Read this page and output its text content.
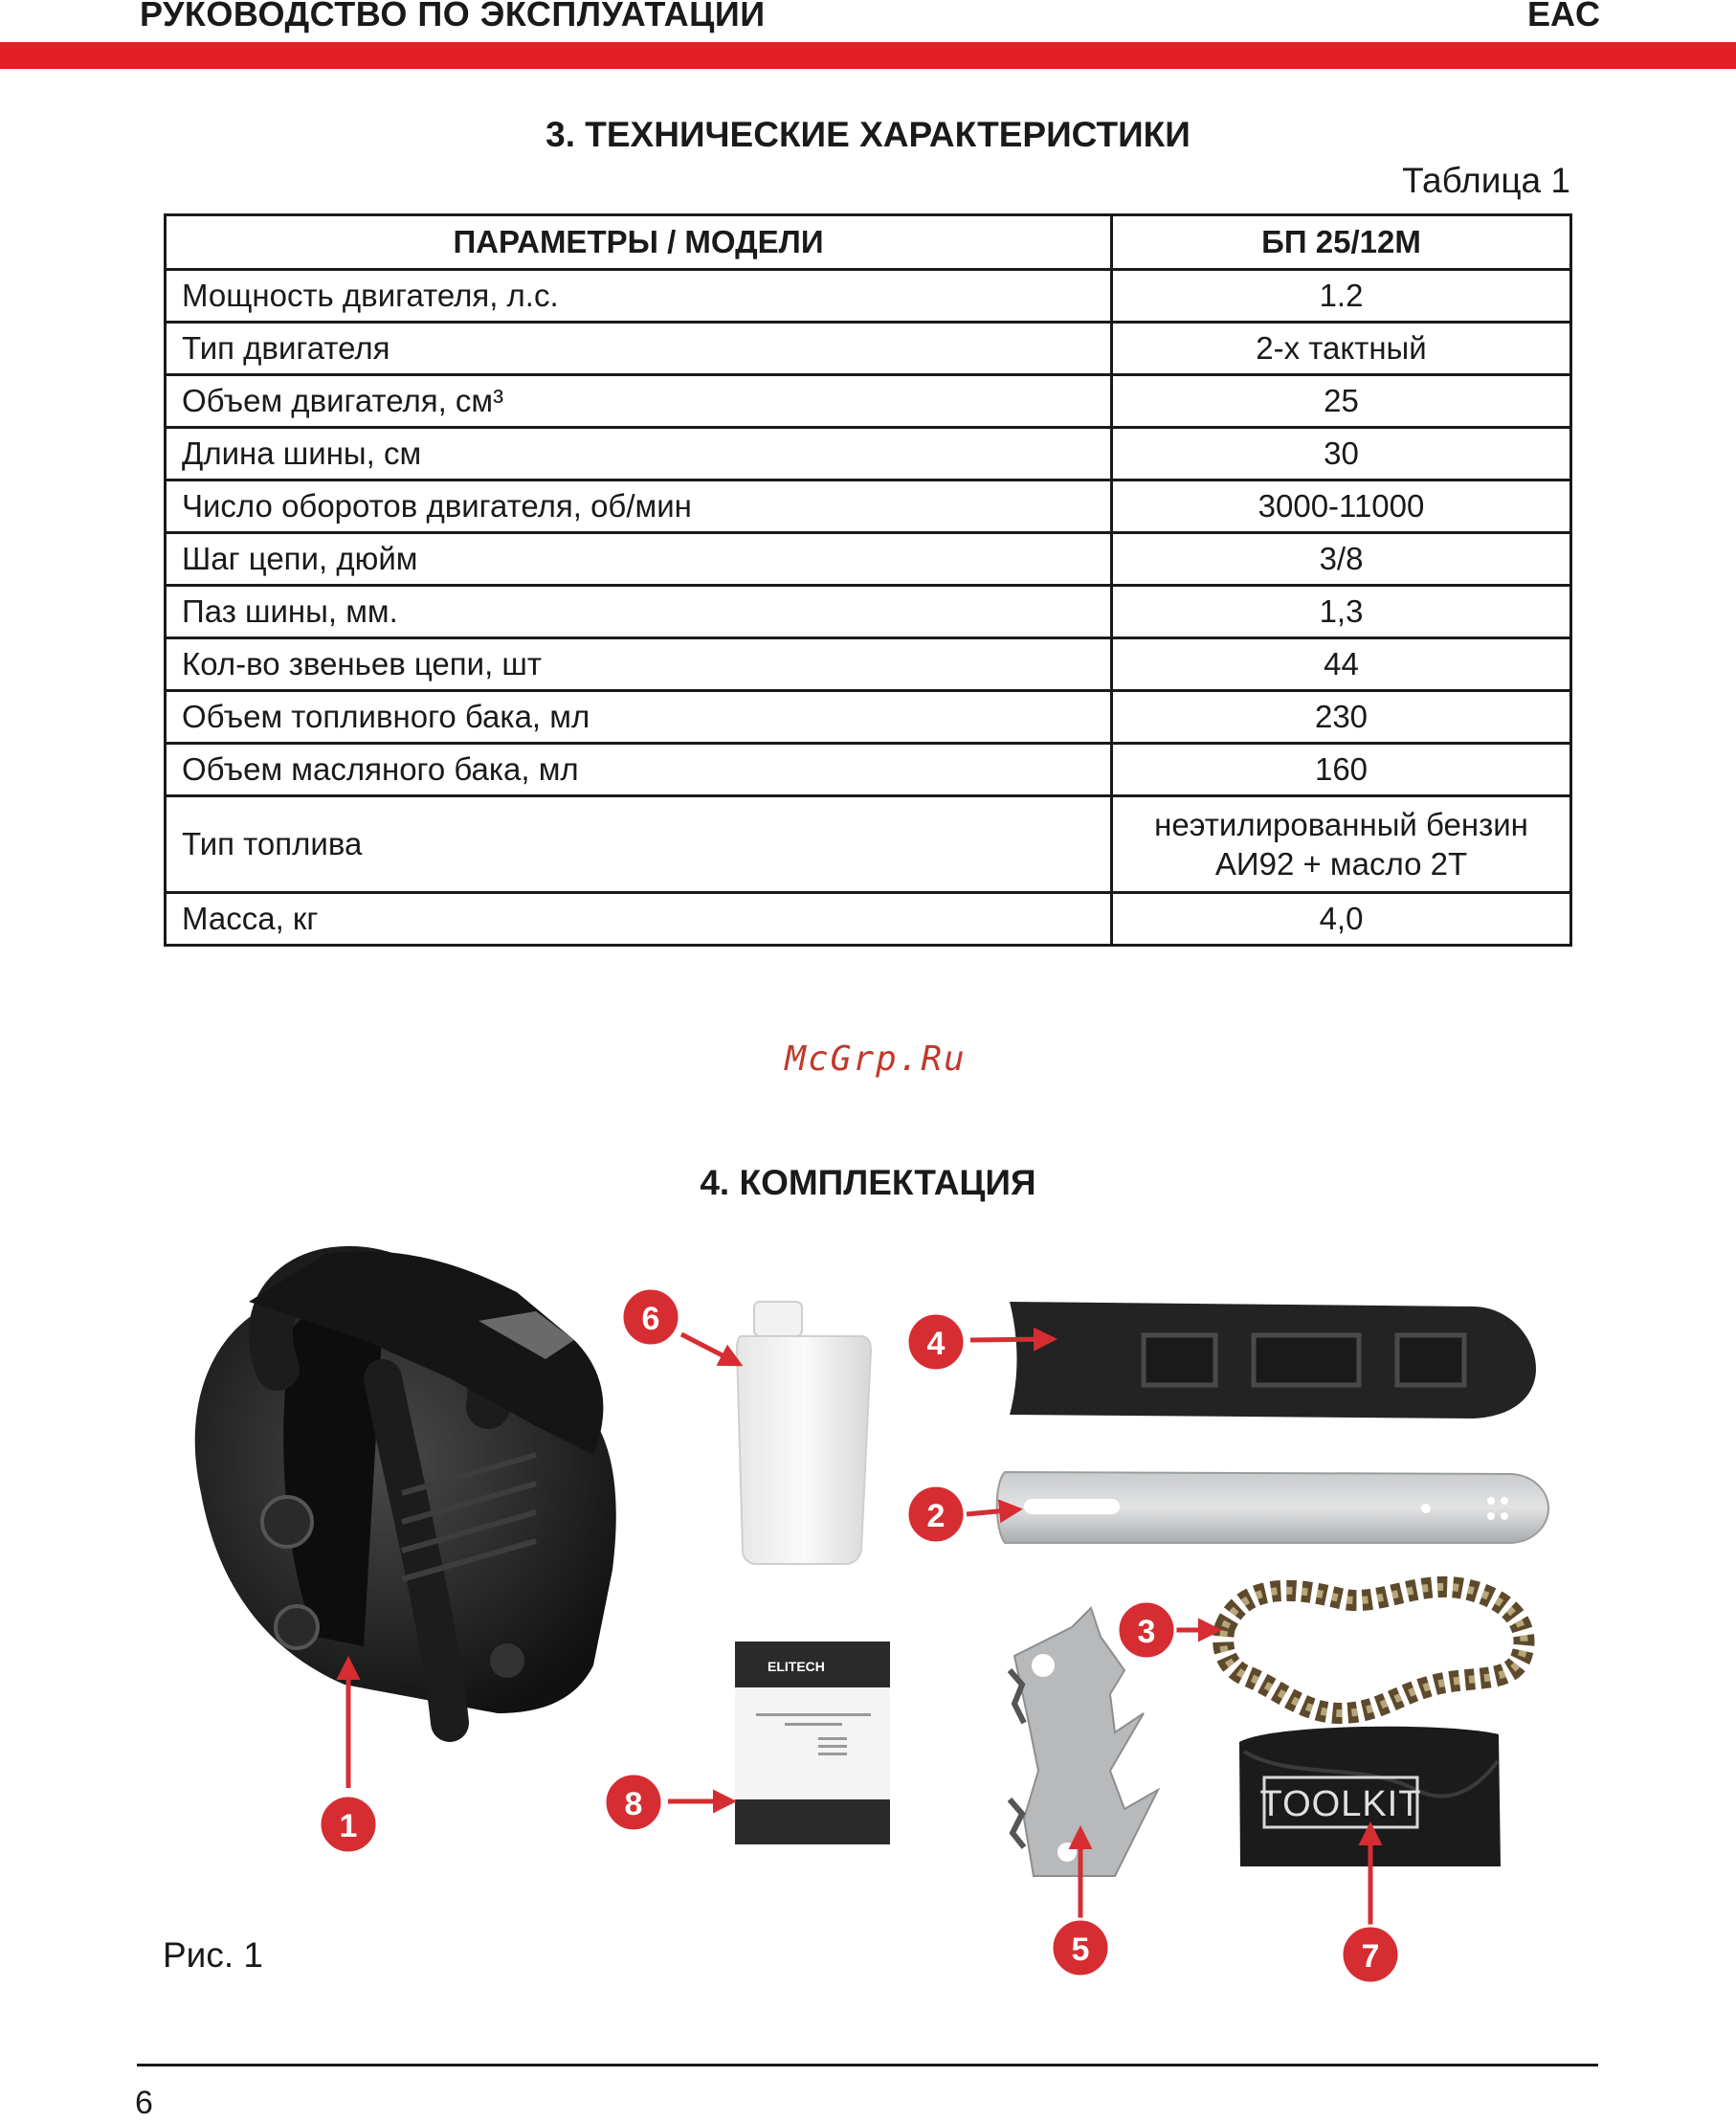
РУКОВОДСТВО ПО ЭКСПЛУАТАЦИИ	EAC
3. ТЕХНИЧЕСКИЕ ХАРАКТЕРИСТИКИ
Таблица 1
ПАРАМЕТРЫ / МОДЕЛИ	БП 25/12М
Мощность двигателя, л.с.	1.2
Тип двигателя	2-х тактный
Объем двигателя, см³	25
Длина шины, см	30
Число оборотов двигателя, об/мин	3000-11000
Шаг цепи, дюйм	3/8
Паз шины, мм.	1,3
Кол-во звеньев цепи, шт	44
Объем топливного бака, мл	230
Объем масляного бака, мл	160
Тип топлива	неэтилированный бензин
АИ92 + масло 2Т
Масса, кг	4,0
McGrp.Ru
4. КОМПЛЕКТАЦИЯ
TOOLKIT
ELITECH
1
2
3
4
5
6
7
8
Рис. 1
6
